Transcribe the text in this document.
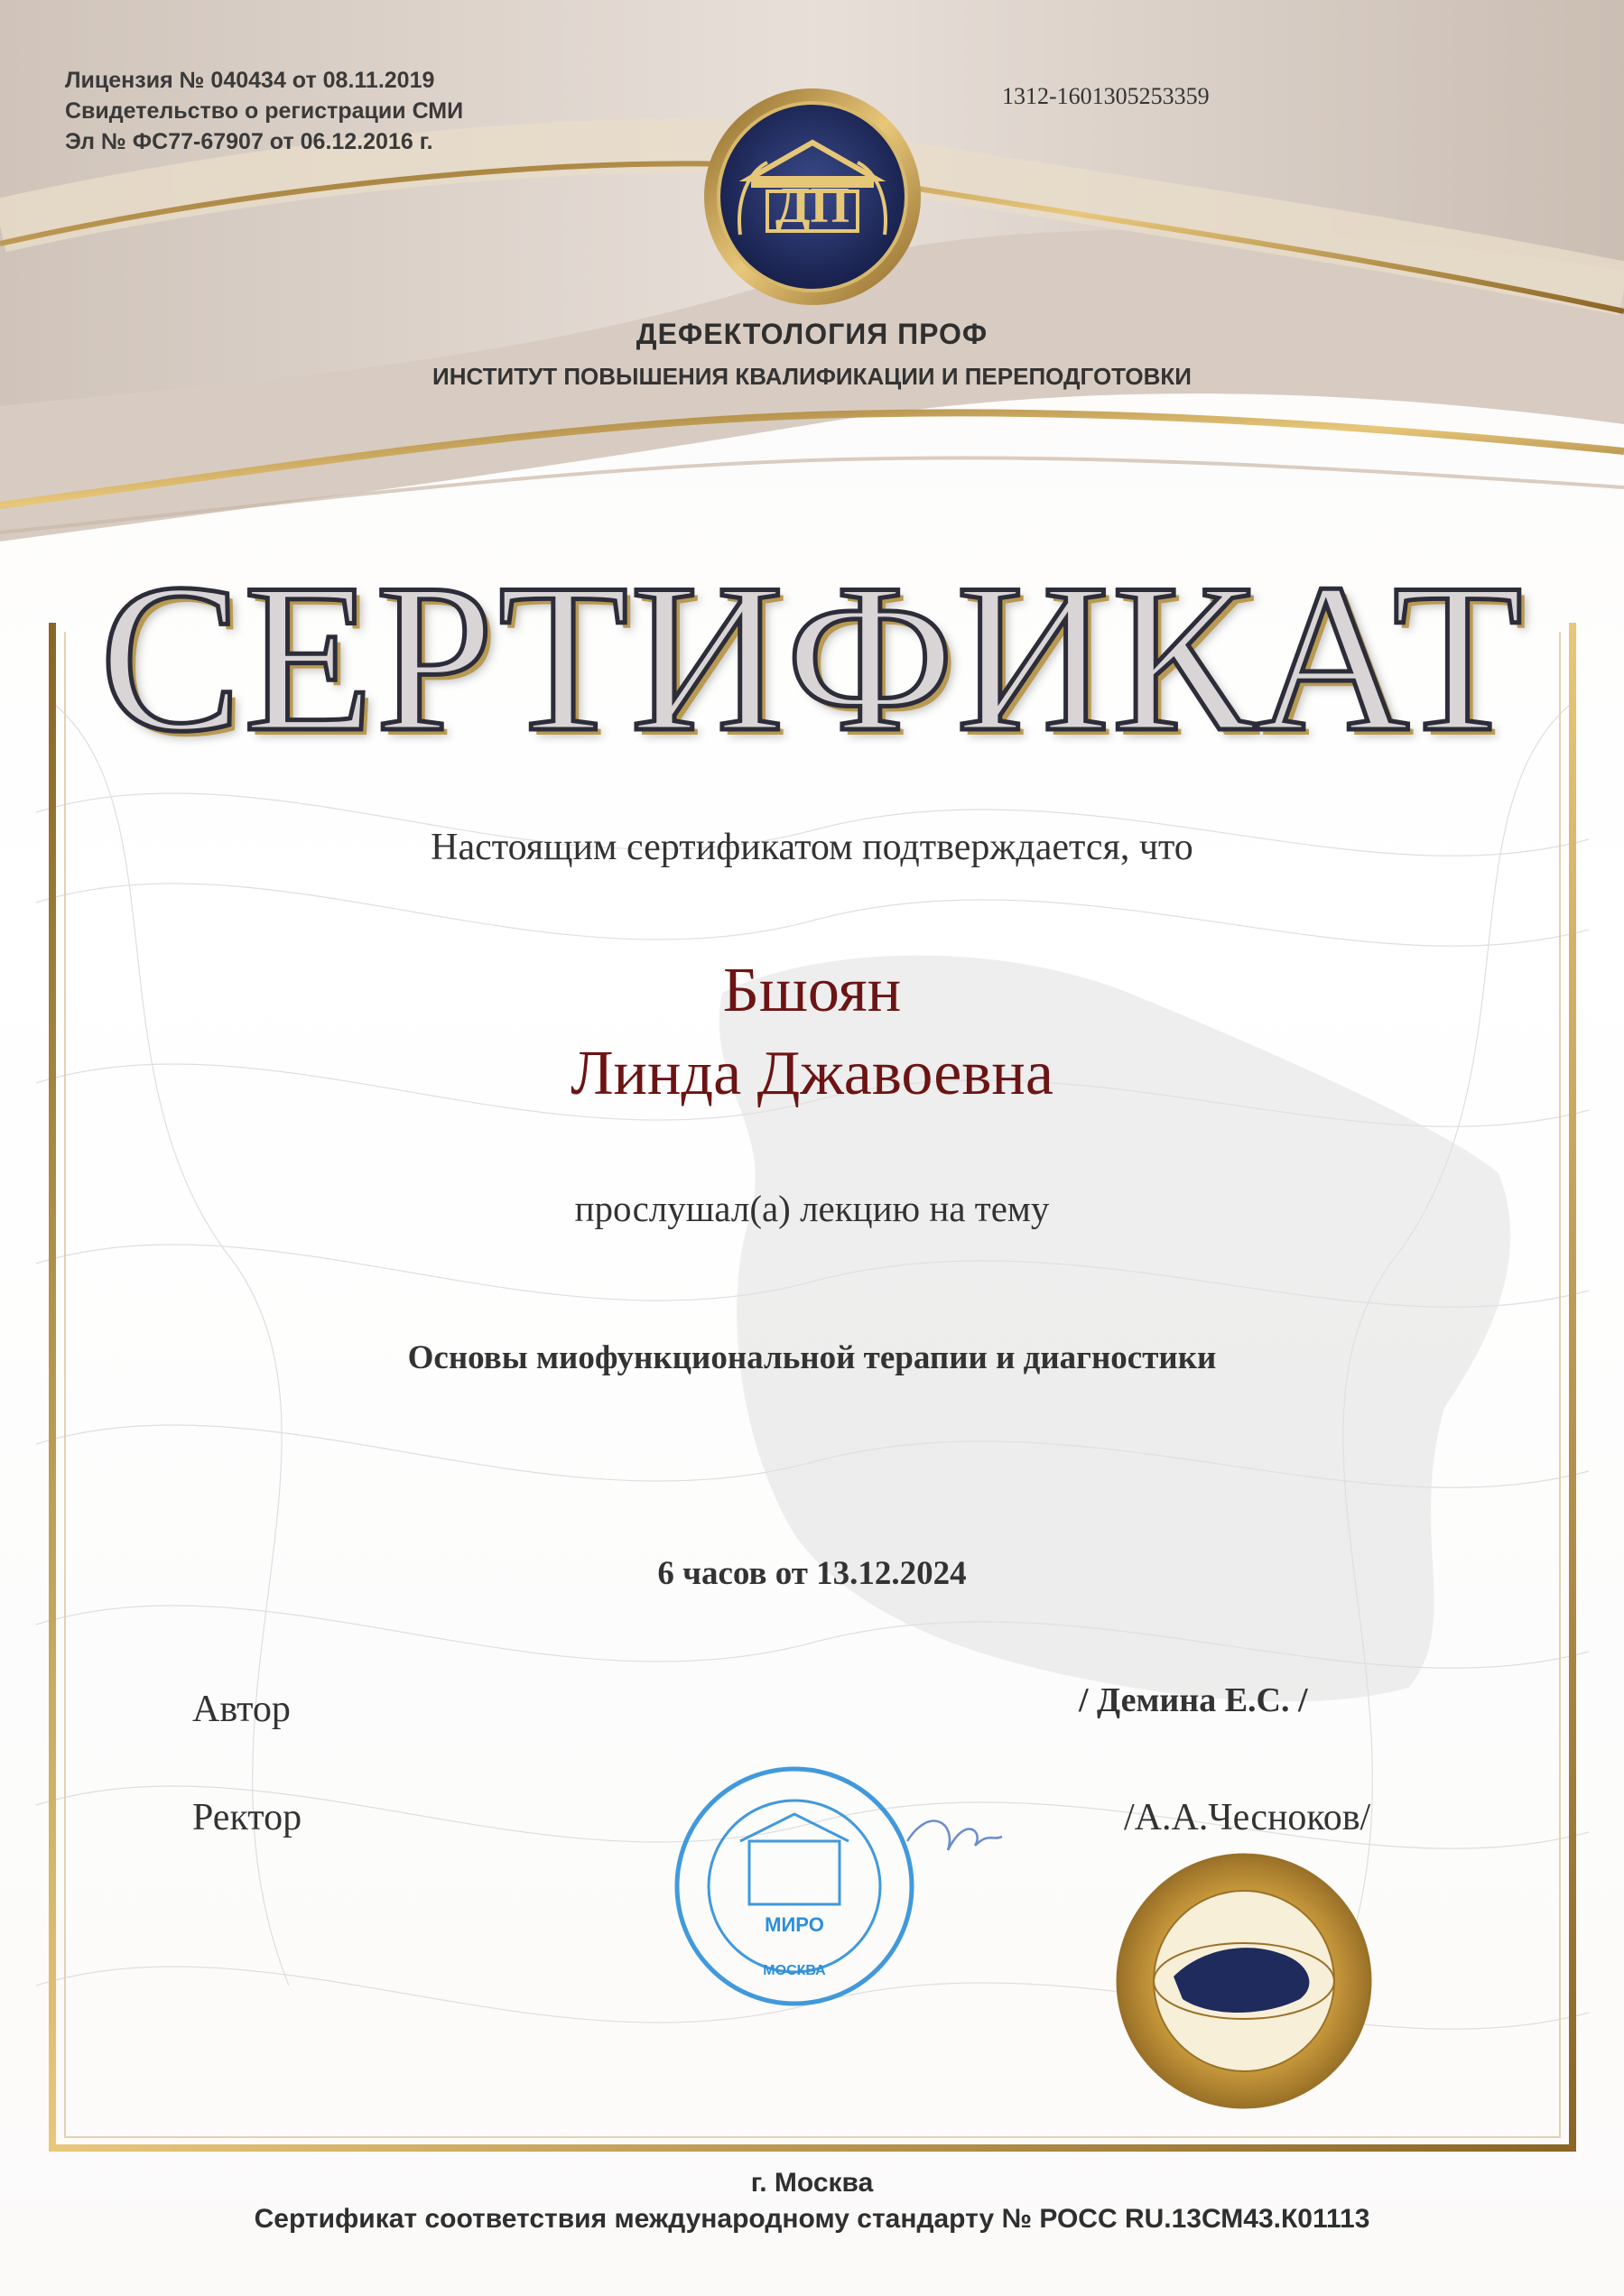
Лицензия № 040434 от 08.11.2019
Свидетельство о регистрации СМИ
Эл № ФС77-67907 от 06.12.2016 г.
1312-1601305253359
ДП
ДЕФЕКТОЛОГИЯ ПРОФ
ИНСТИТУТ ПОВЫШЕНИЯ КВАЛИФИКАЦИИ И ПЕРЕПОДГОТОВКИ
СЕРТИФИКАТ
Настоящим сертификатом подтверждается, что
Бшоян
Линда Джавоевна
прослушал(а) лекцию на тему
Основы миофункциональной терапии и диагностики
6 часов от 13.12.2024
Автор	/ Демина Е.С. /
Ректор	/А.А.Чесноков/
МИРО
МОСКВА
г. Москва
Сертификат соответствия международному стандарту № РОСС RU.13СМ43.К01113
